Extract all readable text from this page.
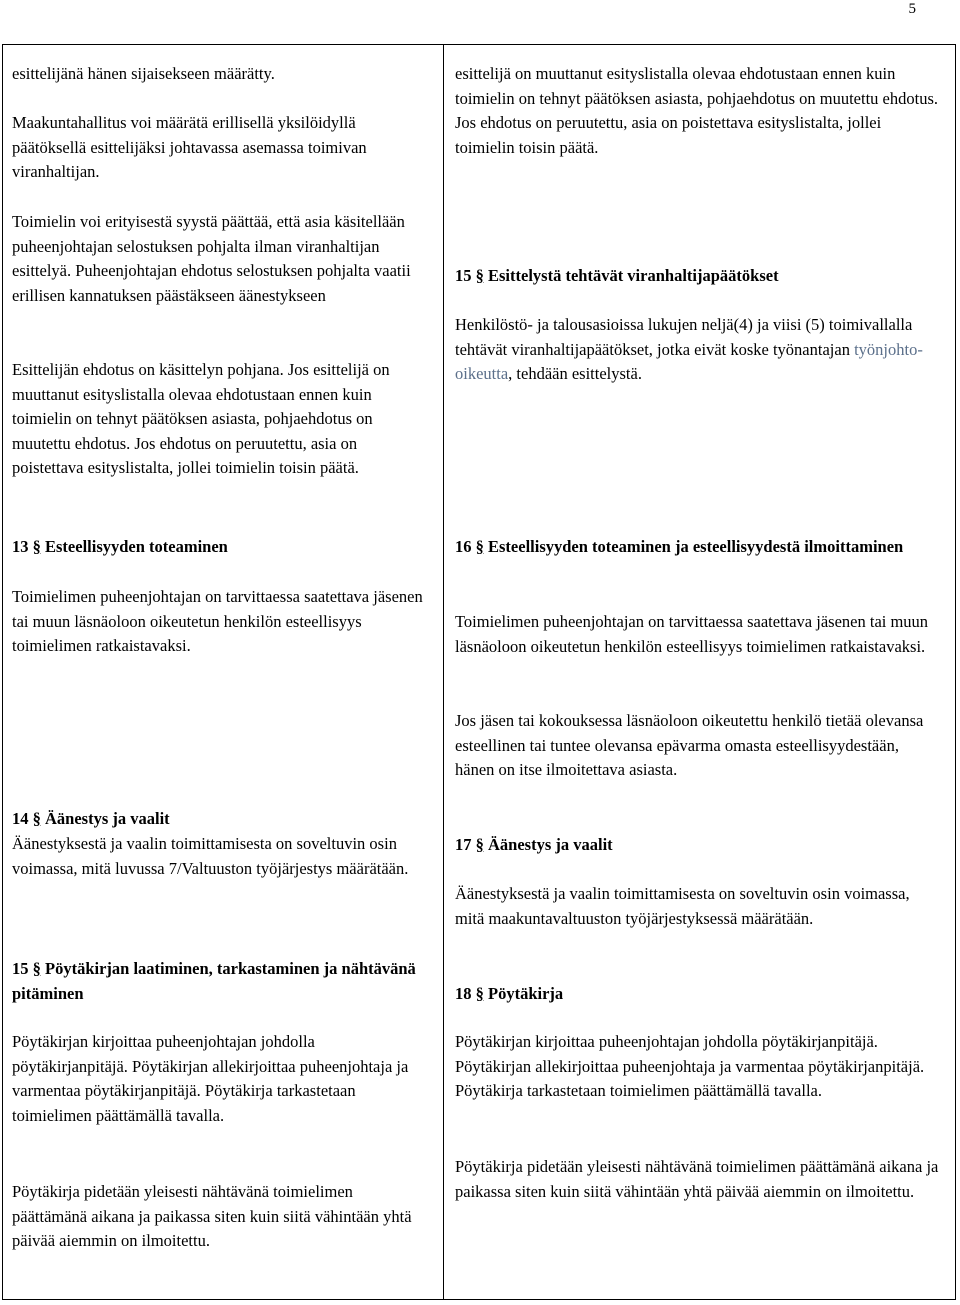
5

esittelijänä hänen sijaisekseen määrätty.

Maakuntahallitus voi määrätä erillisellä yksilöidyllä päätöksellä esittelijäksi johtavassa asemassa toimivan viranhaltijan.

Toimielin voi erityisestä syystä päättää, että asia käsitellään puheenjohtajan selostuksen pohjalta ilman viranhaltijan esittelyä. Puheenjohtajan ehdotus selostuksen pohjalta vaatii erillisen kannatuksen päästäkseen äänestykseen

Esittelijän ehdotus on käsittelyn pohjana. Jos esittelijä on muuttanut esityslistalla olevaa ehdotustaan ennen kuin toimielin on tehnyt päätöksen asiasta, pohjaehdotus on muutettu ehdotus. Jos ehdotus on peruutettu, asia on poistettava esityslistalta, jollei toimielin toisin päätä.

13 § Esteellisyyden toteaminen

Toimielimen puheenjohtajan on tarvittaessa saatettava jäsenen tai muun läsnäoloon oikeutetun henkilön esteellisyys toimielimen ratkaistavaksi.

14 § Äänestys ja vaalit

Äänestyksestä ja vaalin toimittamisesta on soveltuvin osin voimassa, mitä luvussa 7/Valtuuston työjärjestys määrätään.

15 § Pöytäkirjan laatiminen, tarkastaminen ja nähtävänä pitäminen

Pöytäkirjan kirjoittaa puheenjohtajan johdolla pöytäkirjanpitäjä. Pöytäkirjan allekirjoittaa puheenjohtaja ja varmentaa pöytäkirjanpitäjä. Pöytäkirja tarkastetaan toimielimen päättämällä tavalla.

Pöytäkirja pidetään yleisesti nähtävänä toimielimen päättämänä aikana ja paikassa siten kuin siitä vähintään yhtä päivää aiemmin on ilmoitettu.

esittelijä on muuttanut esityslistalla olevaa ehdotustaan ennen kuin toimielin on tehnyt päätöksen asiasta, pohjaehdotus on muutettu ehdotus. Jos ehdotus on peruutettu, asia on poistettava esityslistalta, jollei toimielin toisin päätä.

15 § Esittelystä tehtävät viranhaltijapäätökset

Henkilöstö- ja talousasioissa lukujen neljä(4) ja viisi (5) toimivallalla tehtävät viranhaltijapäätökset, jotka eivät koske työnantajan työnjohto-oikeutta, tehdään esittelystä.

16 § Esteellisyyden toteaminen ja esteellisyydestä ilmoittaminen

Toimielimen puheenjohtajan on tarvittaessa saatettava jäsenen tai muun läsnäoloon oikeutetun henkilön esteellisyys toimielimen ratkaistavaksi.

Jos jäsen tai kokouksessa läsnäoloon oikeutettu henkilö tietää olevansa esteellinen tai tuntee olevansa epävarma omasta esteellisyydestään, hänen on itse ilmoitettava asiasta.

17 § Äänestys ja vaalit

Äänestyksestä ja vaalin toimittamisesta on soveltuvin osin voimassa, mitä maakuntavaltuuston työjärjestyksessä määrätään.

18 § Pöytäkirja

Pöytäkirjan kirjoittaa puheenjohtajan johdolla pöytäkirjanpitäjä. Pöytäkirjan allekirjoittaa puheenjohtaja ja varmentaa pöytäkirjanpitäjä. Pöytäkirja tarkastetaan toimielimen päättämällä tavalla.

Pöytäkirja pidetään yleisesti nähtävänä toimielimen päättämänä aikana ja paikassa siten kuin siitä vähintään yhtä päivää aiemmin on ilmoitettu.
